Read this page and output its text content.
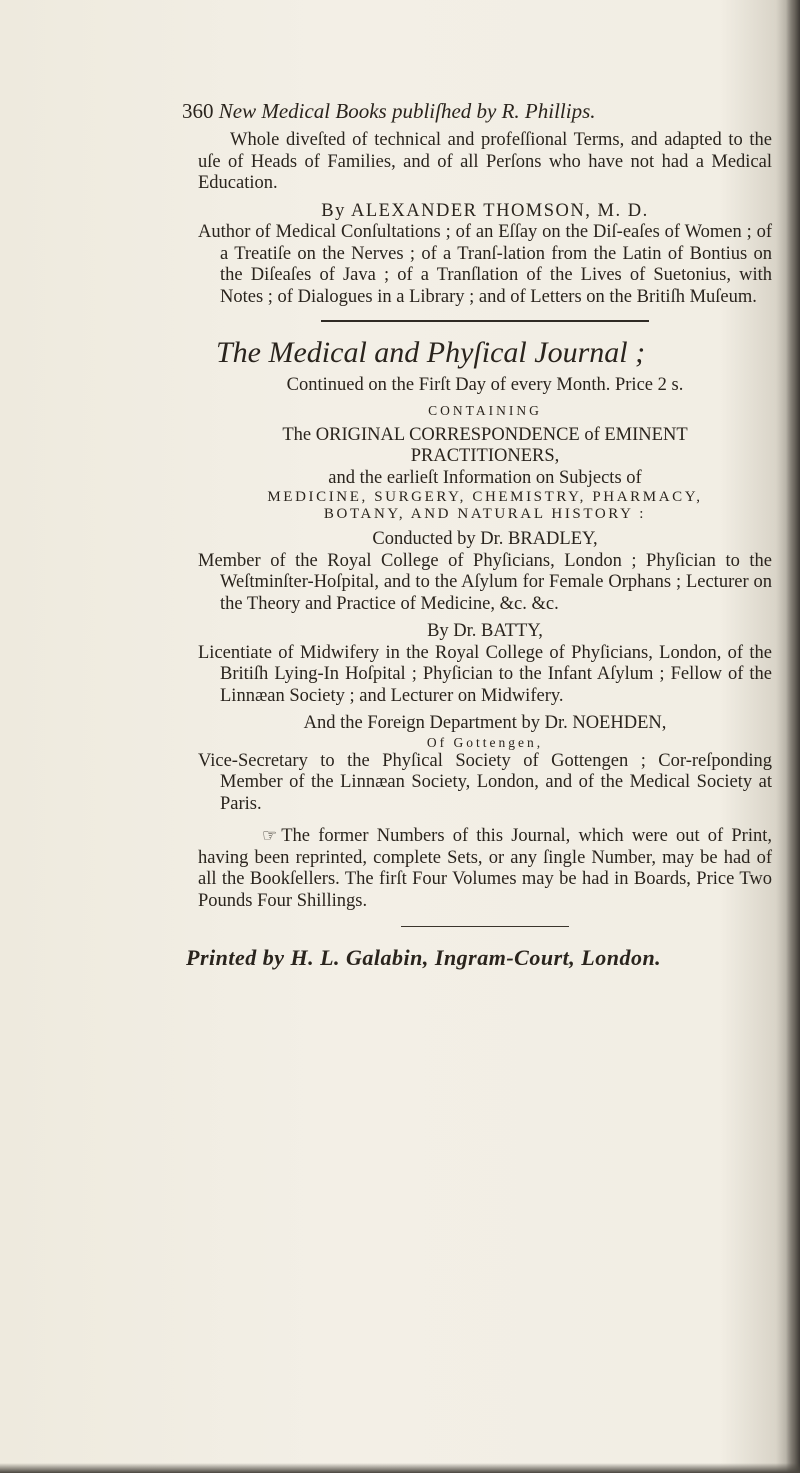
360 New Medical Books publiſhed by R. Phillips.

Whole diveſted of technical and profeſſional Terms, and adapted to the uſe of Heads of Families, and of all Perſons who have not had a Medical Education.

By ALEXANDER THOMSON, M. D.

Author of Medical Conſultations ; of an Eſſay on the Diſ-eaſes of Women ; of a Treatiſe on the Nerves ; of a Tranſ-lation from the Latin of Bontius on the Diſeaſes of Java ; of a Tranſlation of the Lives of Suetonius, with Notes ; of Dialogues in a Library ; and of Letters on the Britiſh Muſeum.

The Medical and Phyſical Journal ;

Continued on the Firſt Day of every Month. Price 2 s.

CONTAINING

The ORIGINAL CORRESPONDENCE of EMINENT

PRACTITIONERS,

and the earlieſt Information on Subjects of

MEDICINE, SURGERY, CHEMISTRY, PHARMACY,

BOTANY, AND NATURAL HISTORY :

Conducted by Dr. BRADLEY,

Member of the Royal College of Phyſicians, London ; Phyſician to the Weſtminſter-Hoſpital, and to the Aſylum for Female Orphans ; Lecturer on the Theory and Practice of Medicine, &c. &c.

By Dr. BATTY,

Licentiate of Midwifery in the Royal College of Phyſicians, London, of the Britiſh Lying-In Hoſpital ; Phyſician to the Infant Aſylum ; Fellow of the Linnæan Society ; and Lecturer on Midwifery.

And the Foreign Department by Dr. NOEHDEN,

Of Gottengen,

Vice-Secretary to the Phyſical Society of Gottengen ; Cor-reſponding Member of the Linnæan Society, London, and of the Medical Society at Paris.

☞ The former Numbers of this Journal, which were out of Print, having been reprinted, complete Sets, or any ſingle Number, may be had of all the Bookſellers. The firſt Four Volumes may be had in Boards, Price Two Pounds Four Shillings.

Printed by H. L. Galabin, Ingram-Court, London.
